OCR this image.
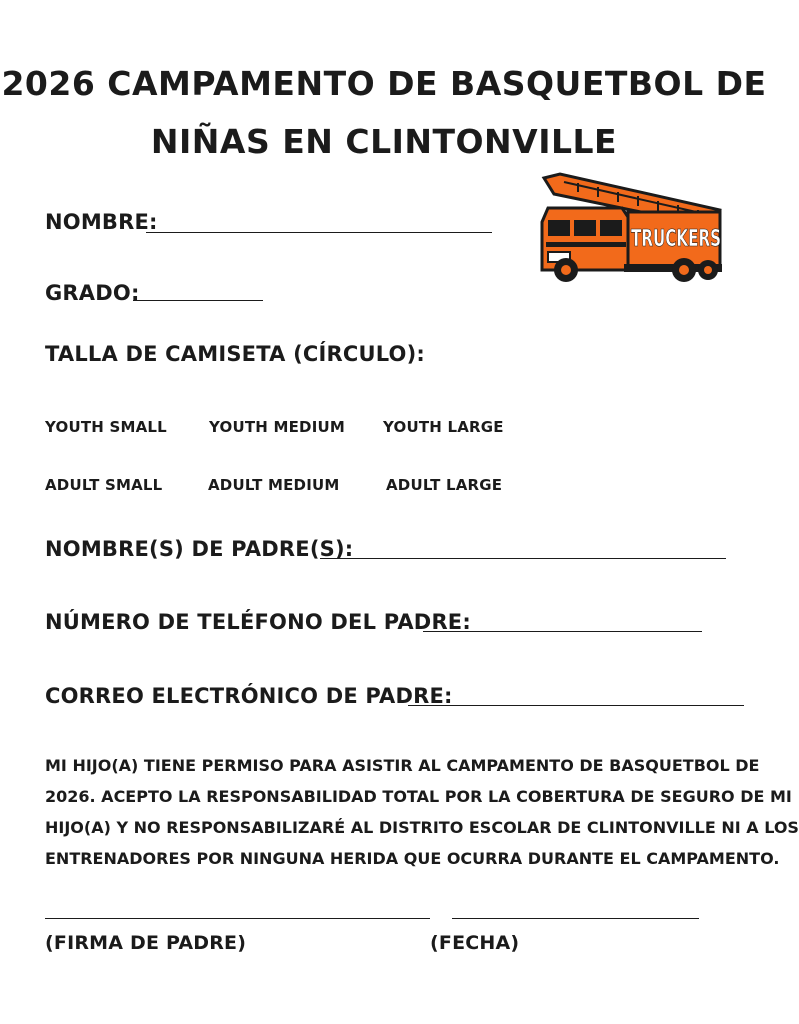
2026 CAMPAMENTO DE BASQUETBOL DE
NIÑAS EN CLINTONVILLE
TRUCKERS
NOMBRE:
GRADO:
TALLA DE CAMISETA (CÍRCULO):
YOUTH SMALL	YOUTH MEDIUM	YOUTH LARGE
ADULT SMALL	ADULT MEDIUM	ADULT LARGE
NOMBRE(S) DE PADRE(S):
NÚMERO DE TELÉFONO DEL PADRE:
CORREO ELECTRÓNICO DE PADRE:
MI HIJO(A) TIENE PERMISO PARA ASISTIR AL CAMPAMENTO DE BASQUETBOL DE
2026. ACEPTO LA RESPONSABILIDAD TOTAL POR LA COBERTURA DE SEGURO DE MI
HIJO(A) Y NO RESPONSABILIZARÉ AL DISTRITO ESCOLAR DE CLINTONVILLE NI A LOS
ENTRENADORES POR NINGUNA HERIDA QUE OCURRA DURANTE EL CAMPAMENTO.
(FIRMA DE PADRE)	(FECHA)
